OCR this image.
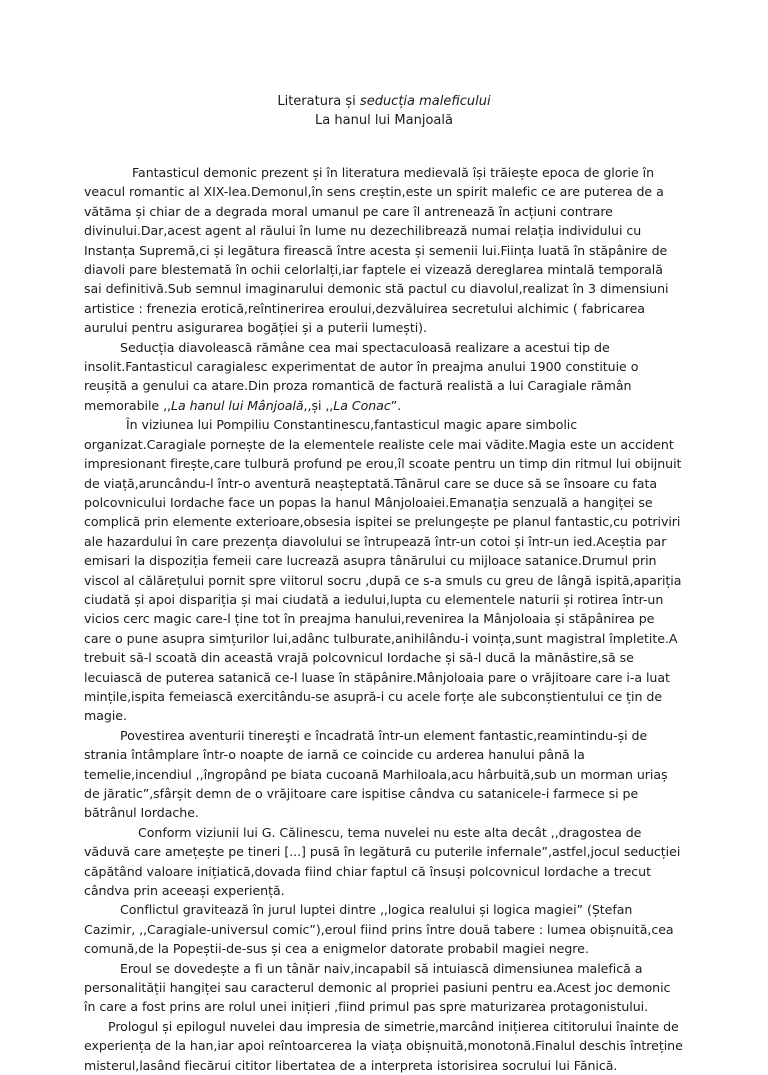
Literatura și seducția maleficului
La hanul lui Manjoală

Fantasticul demonic prezent și în literatura medievală își trăiește epoca de glorie în veacul romantic al XIX-lea.Demonul,în sens creștin,este un spirit malefic ce are puterea de a vătăma și chiar de a degrada moral umanul pe care îl antrenează în acțiuni contrare divinului.Dar,acest agent al răului în lume nu dezechilibrează numai relația individului cu Instanța Supremă,ci și legătura firească între acesta și semenii lui.Ființa luată în stăpânire de diavoli pare blestemată în ochii celorlalți,iar faptele ei vizează dereglarea mintală temporală sai definitivă.Sub semnul imaginarului demonic stă pactul cu diavolul,realizat în 3 dimensiuni artistice : frenezia erotică,reîntinerirea eroului,dezvăluirea secretului alchimic ( fabricarea aurului pentru asigurarea bogăției și a puterii lumești).

Seducția diavolească rămâne cea mai spectaculoasă realizare a acestui tip de insolit.Fantasticul caragialesc experimentat de autor în preajma anului 1900 constituie o reușită a genului ca atare.Din proza romantică de factură realistă a lui Caragiale rămân memorabile ,,La hanul lui Mânjoală,,și ,,La Conac”.

În viziunea lui Pompiliu Constantinescu,fantasticul magic apare simbolic organizat.Caragiale pornește de la elementele realiste cele mai vădite.Magia este un accident impresionant firește,care tulbură profund pe erou,îl scoate pentru un timp din ritmul lui obijnuit de viață,aruncându-l într-o aventură neașteptată.Tânărul care se duce să se însoare cu fata polcovnicului Iordache face un popas la hanul Mânjoloaiei.Emanația senzuală a hangiței se complică prin elemente exterioare,obsesia ispitei se prelungește pe planul fantastic,cu potriviri ale hazardului în care prezența diavolului se întrupează într-un cotoi și într-un ied.Aceștia par emisari la dispoziția femeii care lucrează asupra tânărului cu mijloace satanice.Drumul prin viscol al călărețului pornit spre viitorul socru ,după ce s-a smuls cu greu de lângă ispită,apariția ciudată și apoi dispariția și mai ciudată a iedului,lupta cu elementele naturii și rotirea într-un vicios cerc magic care-l ține tot în preajma hanului,revenirea la Mânjoloaia și stăpânirea pe care o pune asupra simțurilor lui,adânc tulburate,anihilându-i voința,sunt magistral împletite.A trebuit să-l scoată din această vrajă polcovnicul Iordache și să-l ducă la mănăstire,să se lecuiască de puterea satanică ce-l luase în stăpânire.Mânjoloaia pare o vrăjitoare care i-a luat mințile,ispita femeiască exercitându-se asupră-i cu acele forțe ale subconștientului ce țin de magie.

Povestirea aventurii tinereşti e încadrată într-un element fantastic,reamintindu-și de strania întâmplare într-o noapte de iarnă ce coincide cu arderea hanului până la temelie,incendiul ,,îngropând pe biata cucoană Marhiloala,acu hârbuită,sub un morman uriaș de jăratic”,sfârșit demn de o vrăjitoare care ispitise cândva cu satanicele-i farmece si pe bătrânul Iordache.

Conform viziunii lui G. Călinescu, tema nuvelei nu este alta decât ,,dragostea de văduvă care amețește pe tineri [...] pusă în legătură cu puterile infernale”,astfel,jocul seducției căpătând valoare inițiatică,dovada fiind chiar faptul că însuși polcovnicul Iordache a trecut cândva prin aceeași experiență.

Conflictul gravitează în jurul luptei dintre ,,logica realului și logica magiei” (Ștefan Cazimir, ,,Caragiale-universul comic”),eroul fiind prins între două tabere : lumea obișnuită,cea comună,de la Popeștii-de-sus și cea a enigmelor datorate probabil magiei negre.

Eroul se dovedește a fi un tânăr naiv,incapabil să intuiască dimensiunea malefică a personalității hangiței sau caracterul demonic al propriei pasiuni pentru ea.Acest joc demonic în care a fost prins are rolul unei inițieri ,fiind primul pas spre maturizarea protagonistului.

Prologul și epilogul nuvelei dau impresia de simetrie,marcând inițierea cititorului înainte de experiența de la han,iar apoi reîntoarcerea la viața obișnuită,monotonă.Finalul deschis întreține misterul,lasând fiecărui cititor libertatea de a interpreta istorisirea socrului lui Fănică.
